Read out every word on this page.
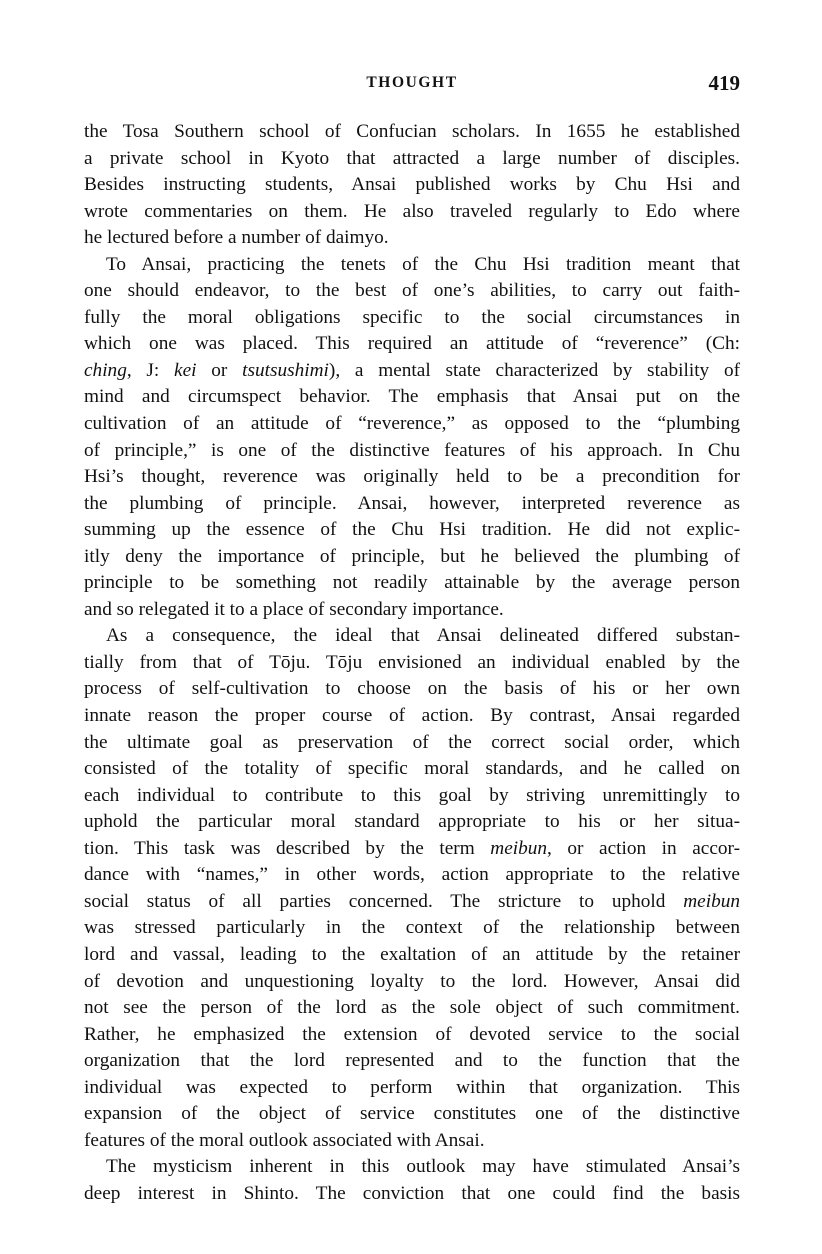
THOUGHT	419
the Tosa Southern school of Confucian scholars. In 1655 he established
a private school in Kyoto that attracted a large number of disciples.
Besides instructing students, Ansai published works by Chu Hsi and
wrote commentaries on them. He also traveled regularly to Edo where
he lectured before a number of daimyo.
To Ansai, practicing the tenets of the Chu Hsi tradition meant that
one should endeavor, to the best of one’s abilities, to carry out faith-
fully the moral obligations specific to the social circumstances in
which one was placed. This required an attitude of “reverence” (Ch:
ching, J: kei or tsutsushimi), a mental state characterized by stability of
mind and circumspect behavior. The emphasis that Ansai put on the
cultivation of an attitude of “reverence,” as opposed to the “plumbing
of principle,” is one of the distinctive features of his approach. In Chu
Hsi’s thought, reverence was originally held to be a precondition for
the plumbing of principle. Ansai, however, interpreted reverence as
summing up the essence of the Chu Hsi tradition. He did not explic-
itly deny the importance of principle, but he believed the plumbing of
principle to be something not readily attainable by the average person
and so relegated it to a place of secondary importance.
As a consequence, the ideal that Ansai delineated differed substan-
tially from that of Tōju. Tōju envisioned an individual enabled by the
process of self-cultivation to choose on the basis of his or her own
innate reason the proper course of action. By contrast, Ansai regarded
the ultimate goal as preservation of the correct social order, which
consisted of the totality of specific moral standards, and he called on
each individual to contribute to this goal by striving unremittingly to
uphold the particular moral standard appropriate to his or her situa-
tion. This task was described by the term meibun, or action in accor-
dance with “names,” in other words, action appropriate to the relative
social status of all parties concerned. The stricture to uphold meibun
was stressed particularly in the context of the relationship between
lord and vassal, leading to the exaltation of an attitude by the retainer
of devotion and unquestioning loyalty to the lord. However, Ansai did
not see the person of the lord as the sole object of such commitment.
Rather, he emphasized the extension of devoted service to the social
organization that the lord represented and to the function that the
individual was expected to perform within that organization. This
expansion of the object of service constitutes one of the distinctive
features of the moral outlook associated with Ansai.
The mysticism inherent in this outlook may have stimulated Ansai’s
deep interest in Shinto. The conviction that one could find the basis
